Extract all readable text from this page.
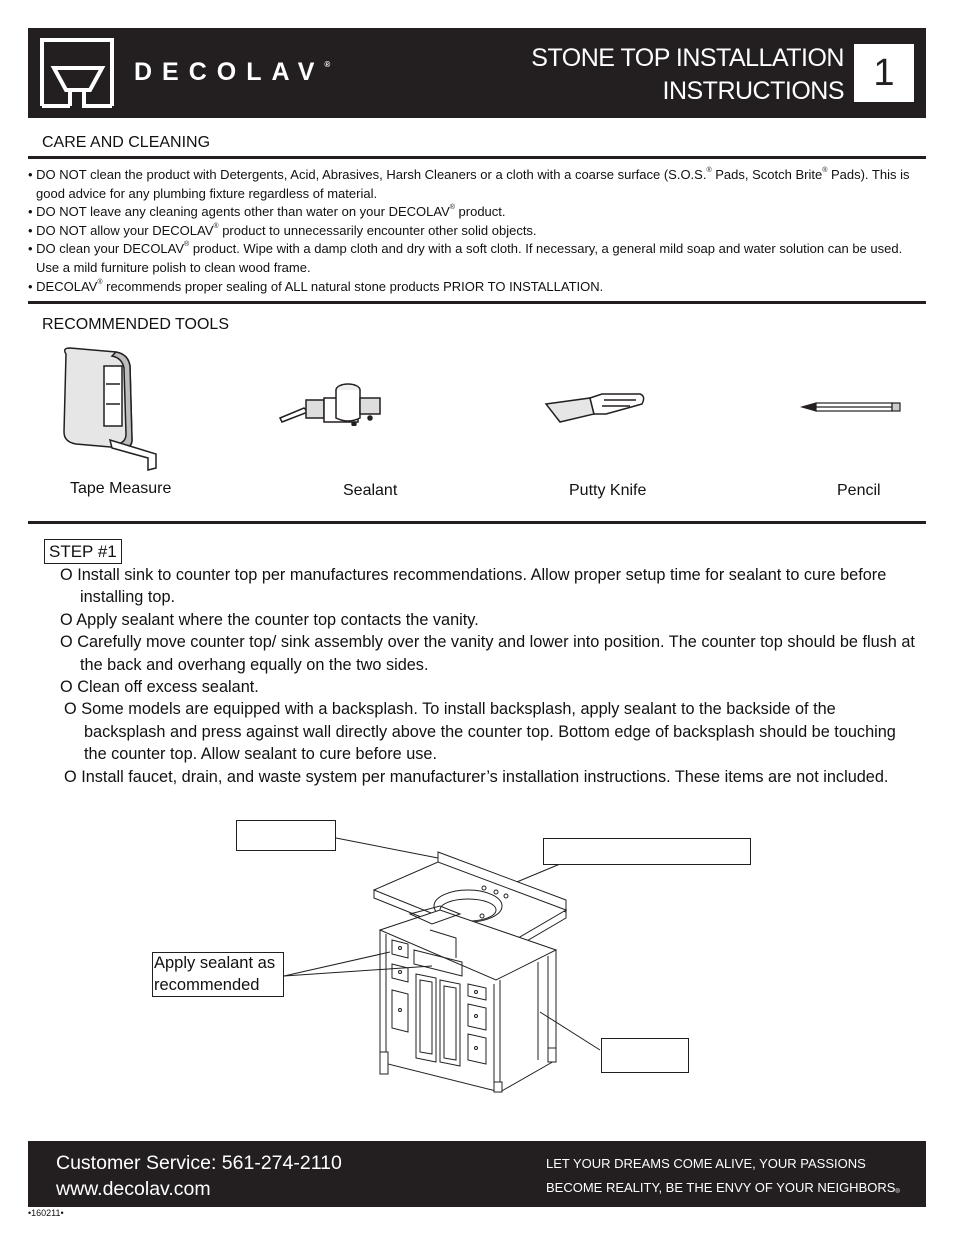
DECOLAV®	STONE TOP INSTALLATION
INSTRUCTIONS 1
CARE AND CLEANING
• DO NOT clean the product with Detergents, Acid, Abrasives, Harsh Cleaners or a cloth with a coarse surface (S.O.S.® Pads, Scotch Brite® Pads). This is good advice for any plumbing fixture regardless of material.
• DO NOT leave any cleaning agents other than water on your DECOLAV® product.
• DO NOT allow your DECOLAV® product to unnecessarily encounter other solid objects.
• DO clean your DECOLAV® product. Wipe with a damp cloth and dry with a soft cloth. If necessary, a general mild soap and water solution can be used. Use a mild furniture polish to clean wood frame.
• DECOLAV® recommends proper sealing of ALL natural stone products PRIOR TO INSTALLATION.
RECOMMENDED TOOLS
Tape Measure	Sealant	Putty Knife	Pencil
STEP #1
O Install sink to counter top per manufactures recommendations. Allow proper setup time for sealant to cure before installing top.
O Apply sealant where the counter top contacts the vanity.
O Carefully move counter top/ sink assembly over the vanity and lower into position. The counter top should be flush at the back and overhang equally on the two sides.
O Clean off excess sealant.
O Some models are equipped with a backsplash. To install backsplash, apply sealant to the backside of the backsplash and press against wall directly above the counter top. Bottom edge of backsplash should be touching the counter top. Allow sealant to cure before use.
O Install faucet, drain, and waste system per manufacturer’s installation instructions. These items are not included.
Apply sealant as recommended
Customer Service: 561-274-2110
www.decolav.com
LET YOUR DREAMS COME ALIVE, YOUR PASSIONS
BECOME REALITY, BE THE ENVY OF YOUR NEIGHBORS®
•160211•
